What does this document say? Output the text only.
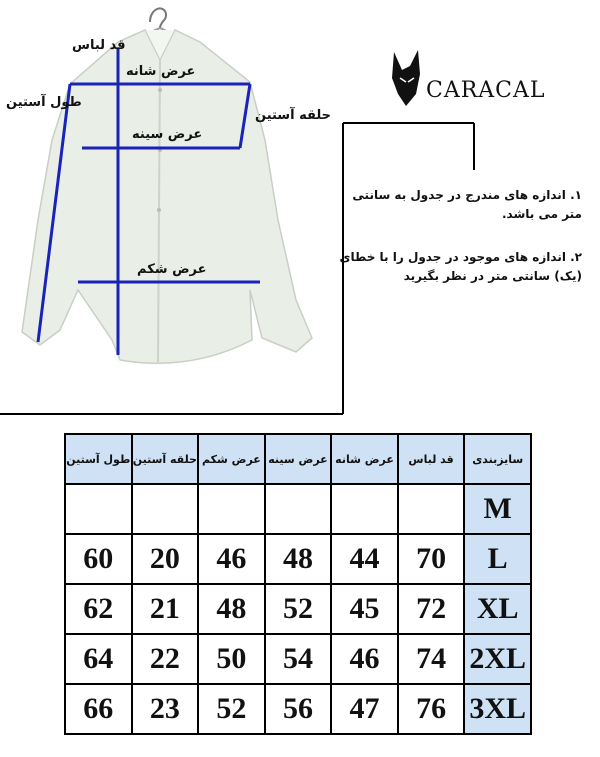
قد لباس
عرض شانه
طول آستین
حلقه آستین
عرض سینه
عرض شکم
CARACAL
۱. اندازه های مندرج در جدول به سانتی متر می باشد.
۲. اندازه های موجود در جدول را با خطای (یک) سانتی متر در نظر بگیرید
طول آستین	حلقه آستین	عرض شکم	عرض سینه	عرض شانه	قد لباس	سایزبندی
						M
60	20	46	48	44	70	L
62	21	48	52	45	72	XL
64	22	50	54	46	74	2XL
66	23	52	56	47	76	3XL
